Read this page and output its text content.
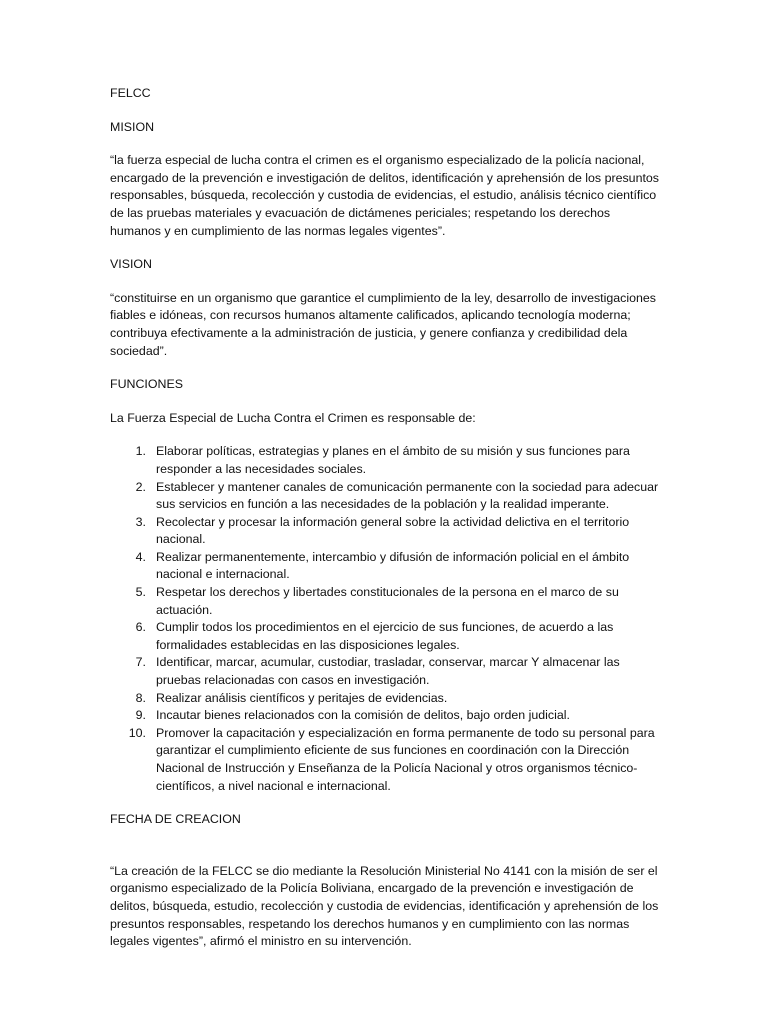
FELCC

MISION

“la fuerza especial de lucha contra el crimen es el organismo especializado de la policía nacional, encargado de la prevención e investigación de delitos, identificación y aprehensión de los presuntos responsables, búsqueda, recolección y custodia de evidencias, el estudio, análisis técnico científico de las pruebas materiales y evacuación de dictámenes periciales; respetando los derechos humanos y en cumplimiento de las normas legales vigentes”.

VISION

“constituirse en un organismo que garantice el cumplimiento de la ley, desarrollo de investigaciones fiables e idóneas, con recursos humanos altamente calificados, aplicando tecnología moderna; contribuya efectivamente a la administración de justicia, y genere confianza y credibilidad dela sociedad”.

FUNCIONES

La Fuerza Especial de Lucha Contra el Crimen es responsable de:

1. Elaborar políticas, estrategias y planes en el ámbito de su misión y sus funciones para responder a las necesidades sociales.
2. Establecer y mantener canales de comunicación permanente con la sociedad para adecuar sus servicios en función a las necesidades de la población y la realidad imperante.
3. Recolectar y procesar la información general sobre la actividad delictiva en el territorio nacional.
4. Realizar permanentemente, intercambio y difusión de información policial en el ámbito nacional e internacional.
5. Respetar los derechos y libertades constitucionales de la persona en el marco de su actuación.
6. Cumplir todos los procedimientos en el ejercicio de sus funciones, de acuerdo a las formalidades establecidas en las disposiciones legales.
7. Identificar, marcar, acumular, custodiar, trasladar, conservar, marcar Y almacenar las pruebas relacionadas con casos en investigación.
8. Realizar análisis científicos y peritajes de evidencias.
9. Incautar bienes relacionados con la comisión de delitos, bajo orden judicial.
10. Promover la capacitación y especialización en forma permanente de todo su personal para garantizar el cumplimiento eficiente de sus funciones en coordinación con la Dirección Nacional de Instrucción y Enseñanza de la Policía Nacional y otros organismos técnico-científicos, a nivel nacional e internacional.

FECHA DE CREACION

“La creación de la FELCC se dio mediante la Resolución Ministerial No 4141 con la misión de ser el organismo especializado de la Policía Boliviana, encargado de la prevención e investigación de delitos, búsqueda, estudio, recolección y custodia de evidencias, identificación y aprehensión de los presuntos responsables, respetando los derechos humanos y en cumplimiento con las normas legales vigentes”, afirmó el ministro en su intervención.
